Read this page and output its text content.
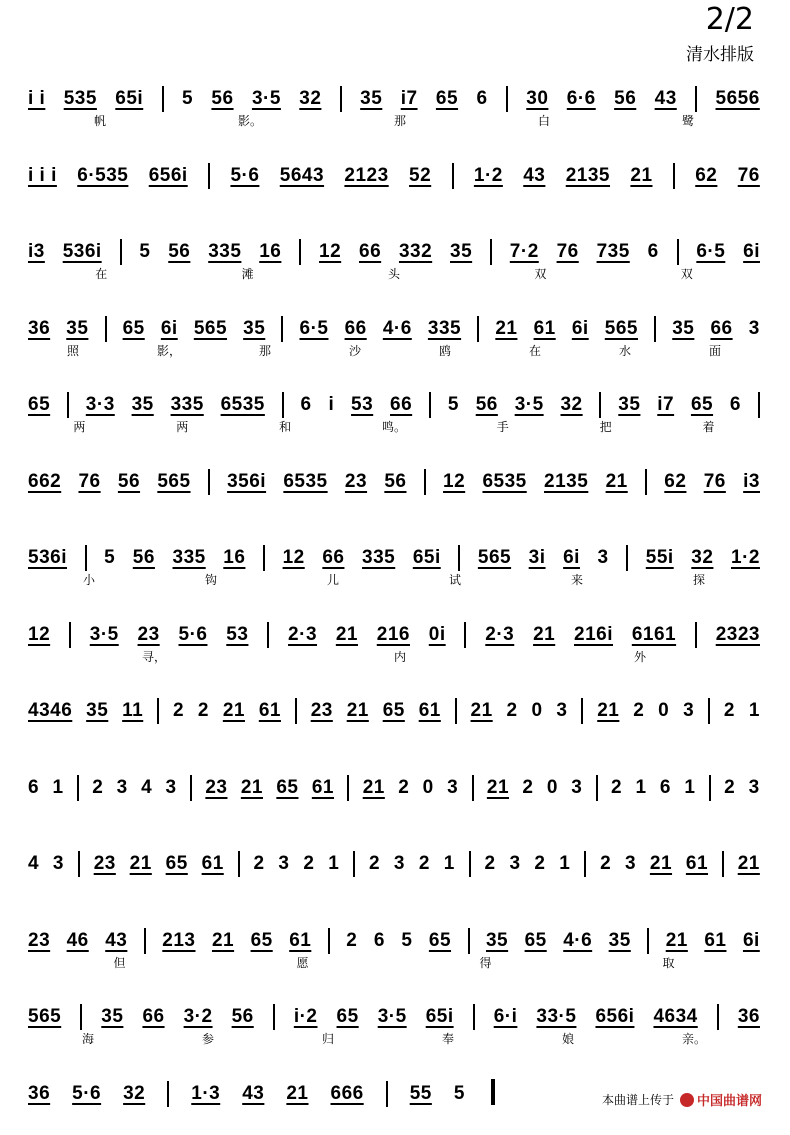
2/2
清水排版
i i 535 65i 5 56 3·5 32 35 i7 65 6 30 6·6 56 43 5656
帆	影。	那	白	鹭
i i i 6·535 656i 5·6 5643 2123 52 1·2 43 2135 21 62 76
i3 536i 5 56 335 16 12 66 332 35 7·2 76 735 6 6·5 6i
在	滩	头	双	双
36 35 65 6i 565 35 6·5 66 4·6 335 21 61 6i 565 35 66 3
照	影，	那	沙	鸥	在	水	面
65 3·3 35 335 6535 6 i 53 66 5 56 3·5 32 35 i7 65 6
两	两	和	鸣。	手	把	着
662 76 56 565 356i 6535 23 56 12 6535 2135 21 62 76 i3
536i 5 56 335 16 12 66 335 65i 565 3i 6i 3 55i 32 1·2
小	钩	儿	试	来	探
12 3·5 23 5·6 53 2·3 21 216 0i 2·3 21 216i 6161 2323
寻，	内	外
4346 35 11 2 2 21 61 23 21 65 61 21 2 0 3 21 2 0 3 2 1
6 1 2 3 4 3 23 21 65 61 21 2 0 3 21 2 0 3 2 1 6 1 2 3
4 3 23 21 65 61 2 3 2 1 2 3 2 1 2 3 2 1 2 3 21 61 21
23 46 43 213 21 65 61 2 6 5 65 35 65 4·6 35 21 61 6i
但	愿	得	取
565 35 66 3·2 56 i·2 65 3·5 65i 6·i 33·5 656i 4634 36
海	参	归	奉	娘	亲。
36 5·6 32 1·3 43 21 666 55 5	本曲谱上传于 中国曲谱网
